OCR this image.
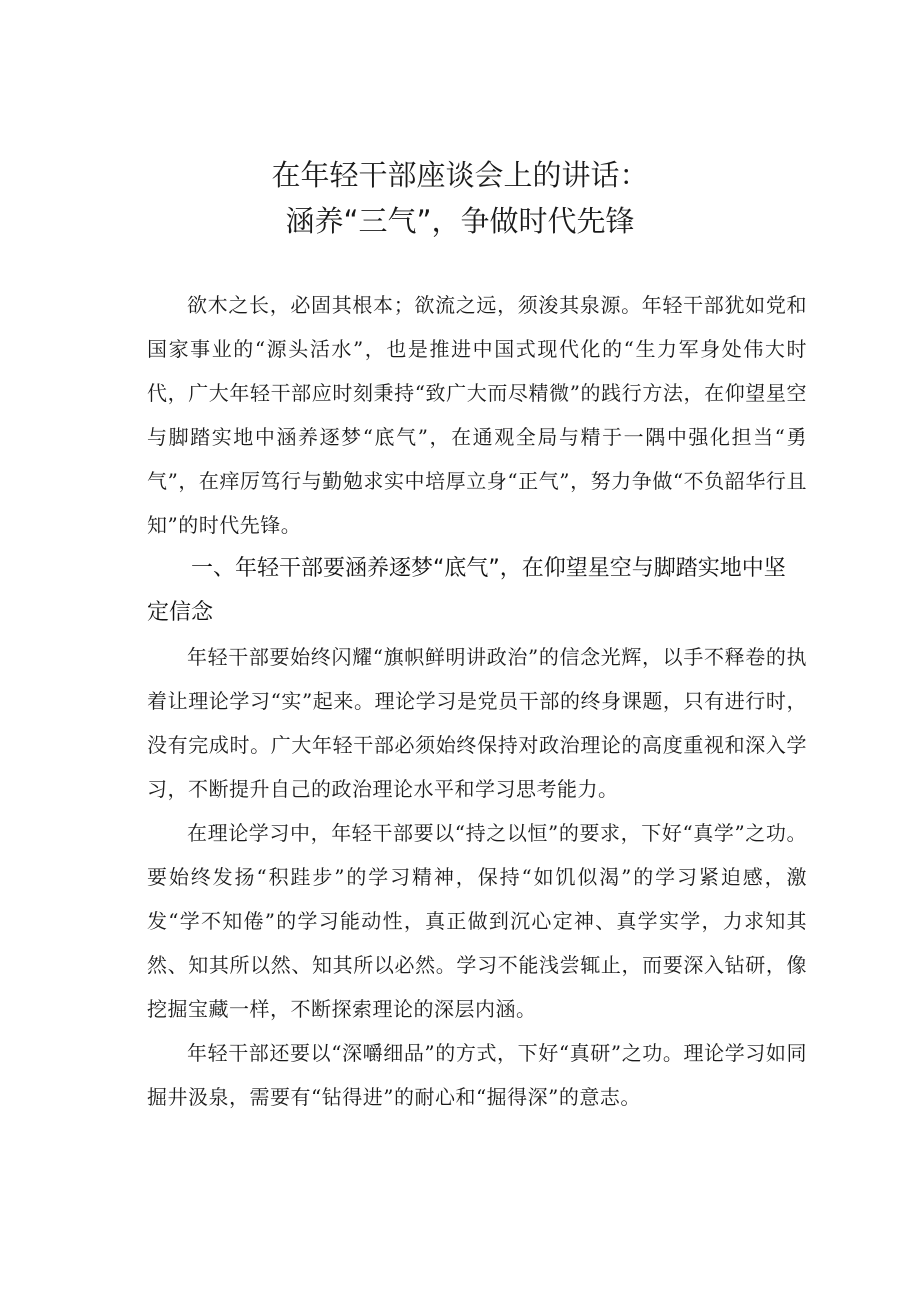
在年轻干部座谈会上的讲话：
涵养“三气”，争做时代先锋

欲木之长，必固其根本；欲流之远，须浚其泉源。年轻干部犹如党和国家事业的“源头活水”，也是推进中国式现代化的“生力军身处伟大时代，广大年轻干部应时刻秉持“致广大而尽精微”的践行方法，在仰望星空与脚踏实地中涵养逐梦“底气”，在通观全局与精于一隅中强化担当“勇气”，在痒厉笃行与勤勉求实中培厚立身“正气”，努力争做“不负韶华行且知”的时代先锋。

一、年轻干部要涵养逐梦“底气”，在仰望星空与脚踏实地中坚定信念

年轻干部要始终闪耀“旗帜鲜明讲政治”的信念光辉，以手不释卷的执着让理论学习“实”起来。理论学习是党员干部的终身课题，只有进行时，没有完成时。广大年轻干部必须始终保持对政治理论的高度重视和深入学习，不断提升自己的政治理论水平和学习思考能力。

在理论学习中，年轻干部要以“持之以恒”的要求，下好“真学”之功。要始终发扬“积跬步”的学习精神，保持“如饥似渴”的学习紧迫感，激发“学不知倦”的学习能动性，真正做到沉心定神、真学实学，力求知其然、知其所以然、知其所以必然。学习不能浅尝辄止，而要深入钻研，像挖掘宝藏一样，不断探索理论的深层内涵。

年轻干部还要以“深嚼细品”的方式，下好“真研”之功。理论学习如同掘井汲泉，需要有“钻得进”的耐心和“掘得深”的意志。
